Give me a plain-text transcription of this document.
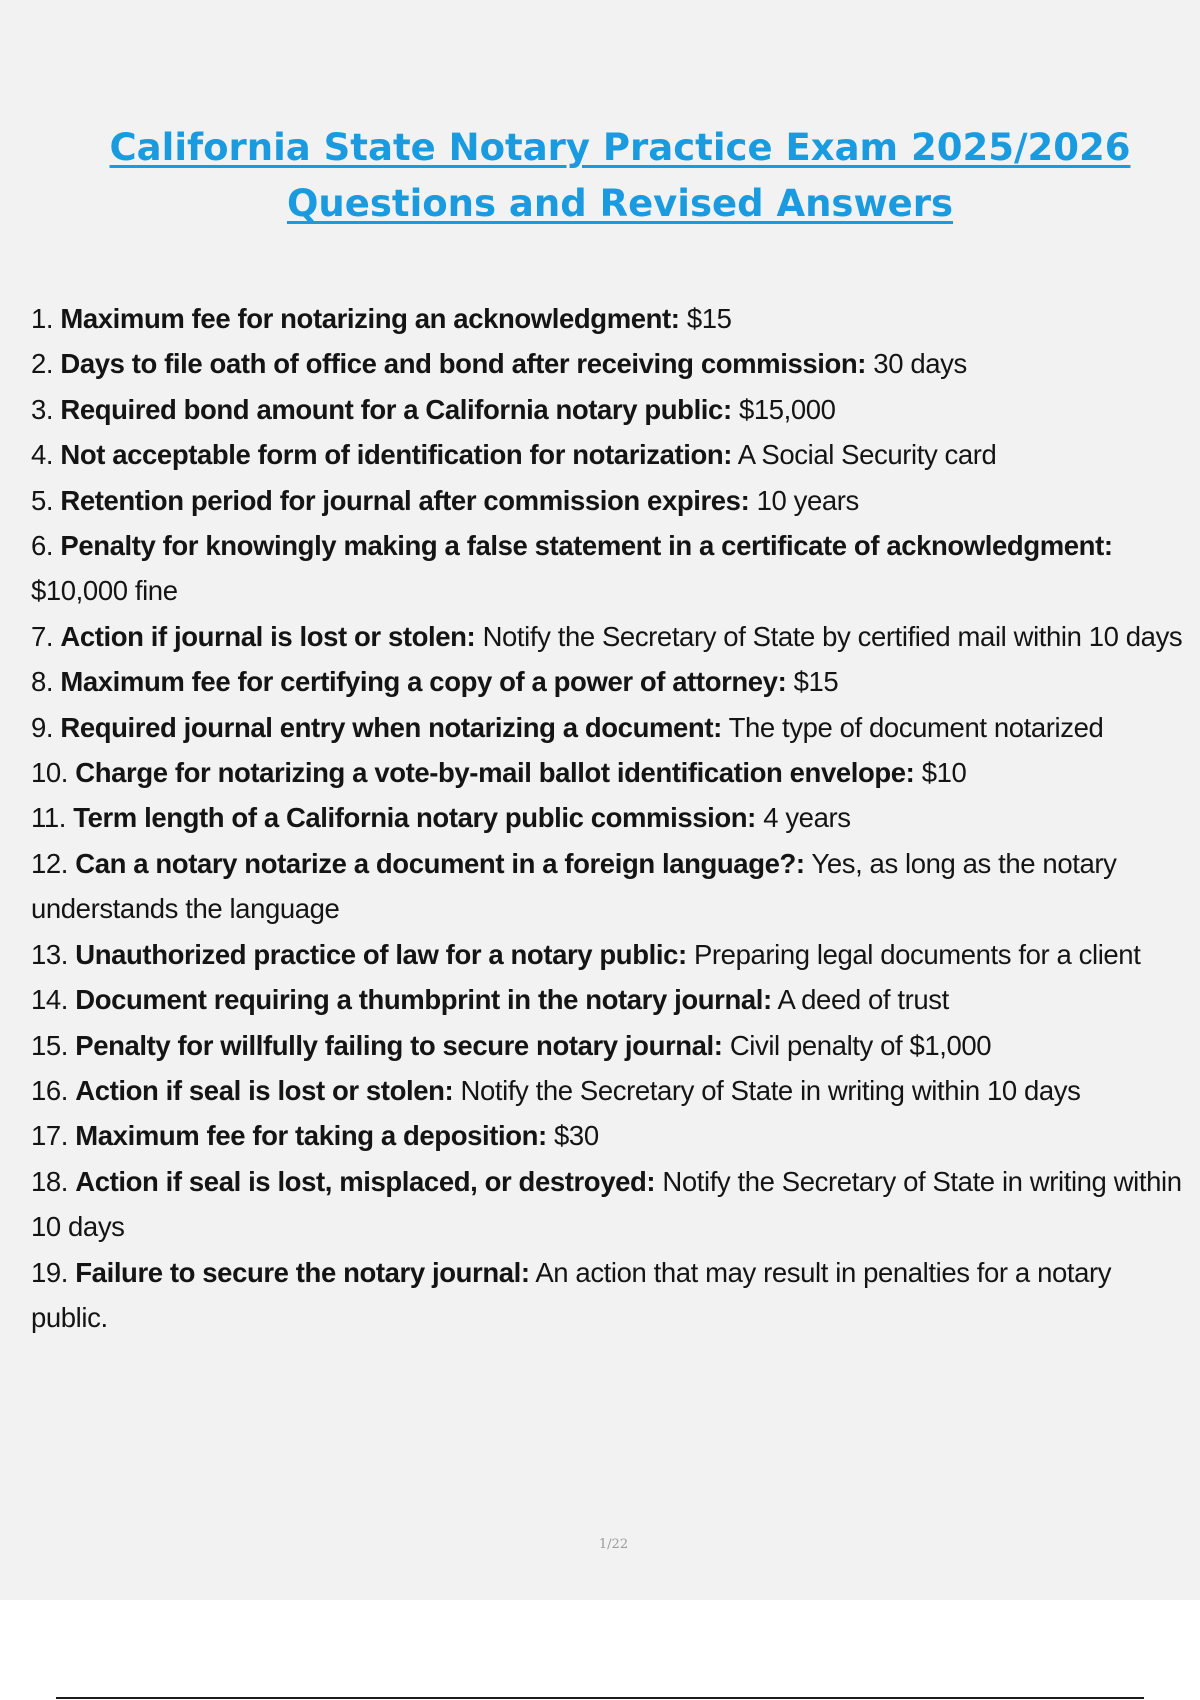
California State Notary Practice Exam 2025/2026
Questions and Revised Answers
1. Maximum fee for notarizing an acknowledgment: $15
2. Days to file oath of office and bond after receiving commission: 30 days
3. Required bond amount for a California notary public: $15,000
4. Not acceptable form of identification for notarization: A Social Security card
5. Retention period for journal after commission expires: 10 years
6. Penalty for knowingly making a false statement in a certificate of acknowledgment: $10,000 fine
7. Action if journal is lost or stolen: Notify the Secretary of State by certified mail within 10 days
8. Maximum fee for certifying a copy of a power of attorney: $15
9. Required journal entry when notarizing a document: The type of document notarized
10. Charge for notarizing a vote-by-mail ballot identification envelope: $10
11. Term length of a California notary public commission: 4 years
12. Can a notary notarize a document in a foreign language?: Yes, as long as the notary understands the language
13. Unauthorized practice of law for a notary public: Preparing legal documents for a client
14. Document requiring a thumbprint in the notary journal: A deed of trust
15. Penalty for willfully failing to secure notary journal: Civil penalty of $1,000
16. Action if seal is lost or stolen: Notify the Secretary of State in writing within 10 days
17. Maximum fee for taking a deposition: $30
18. Action if seal is lost, misplaced, or destroyed: Notify the Secretary of State in writing within 10 days
19. Failure to secure the notary journal: An action that may result in penalties for a notary public.
1/22
